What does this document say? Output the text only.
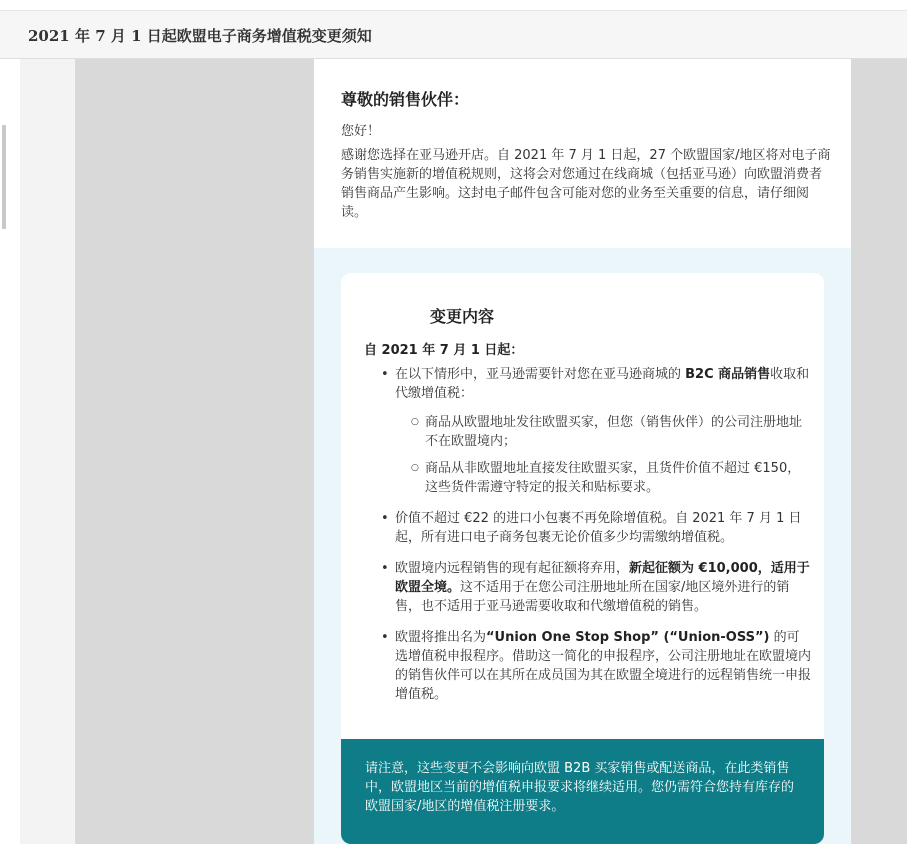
2021 年 7 月 1 日起欧盟电子商务增值税变更须知
尊敬的销售伙伴：
您好！
感谢您选择在亚马逊开店。自 2021 年 7 月 1 日起，27 个欧盟国家/地区将对电子商务销售实施新的增值税规则，这将会对您通过在线商城（包括亚马逊）向欧盟消费者销售商品产生影响。这封电子邮件包含可能对您的业务至关重要的信息，请仔细阅读。
变更内容
自 2021 年 7 月 1 日起：
• 在以下情形中，亚马逊需要针对您在亚马逊商城的 B2C 商品销售收取和代缴增值税：
○ 商品从欧盟地址发往欧盟买家，但您（销售伙伴）的公司注册地址不在欧盟境内；
○ 商品从非欧盟地址直接发往欧盟买家，且货件价值不超过 €150，这些货件需遵守特定的报关和贴标要求。
• 价值不超过 €22 的进口小包裹不再免除增值税。自 2021 年 7 月 1 日起，所有进口电子商务包裹无论价值多少均需缴纳增值税。
• 欧盟境内远程销售的现有起征额将弃用，新起征额为 €10,000，适用于欧盟全境。这不适用于在您公司注册地址所在国家/地区境外进行的销售，也不适用于亚马逊需要收取和代缴增值税的销售。
• 欧盟将推出名为“Union One Stop Shop” (“Union-OSS”) 的可选增值税申报程序。借助这一简化的申报程序，公司注册地址在欧盟境内的销售伙伴可以在其所在成员国为其在欧盟全境进行的远程销售统一申报增值税。
请注意，这些变更不会影响向欧盟 B2B 买家销售或配送商品，在此类销售中，欧盟地区当前的增值税申报要求将继续适用。您仍需符合您持有库存的欧盟国家/地区的增值税注册要求。
